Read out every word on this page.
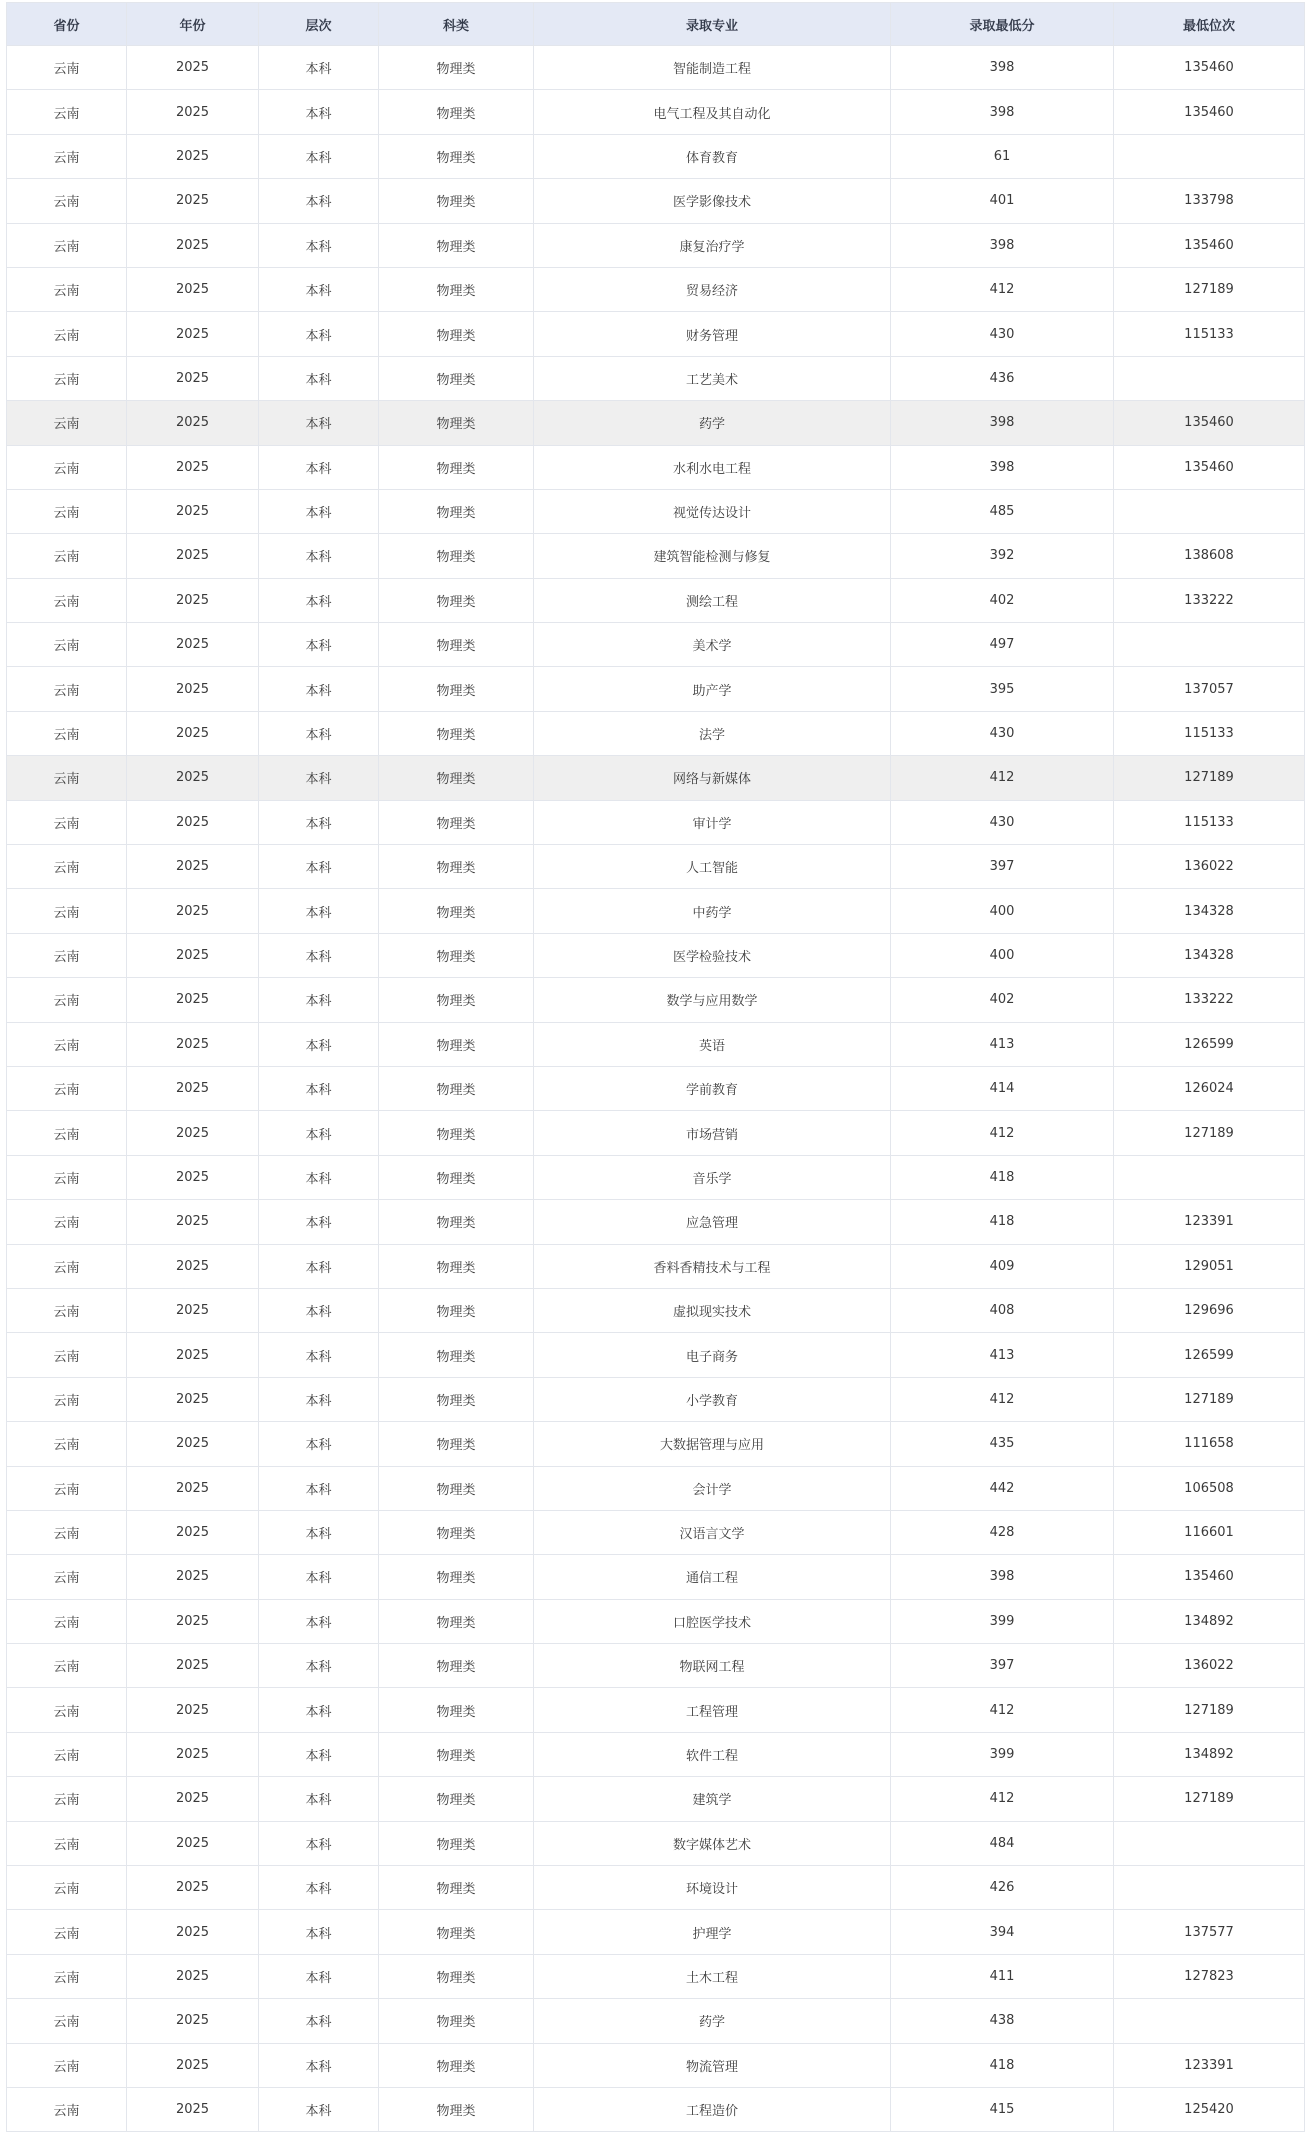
省份	年份	层次	科类	录取专业	录取最低分	最低位次
云南	2025	本科	物理类	智能制造工程	398	135460
云南	2025	本科	物理类	电气工程及其自动化	398	135460
云南	2025	本科	物理类	体育教育	61	
云南	2025	本科	物理类	医学影像技术	401	133798
云南	2025	本科	物理类	康复治疗学	398	135460
云南	2025	本科	物理类	贸易经济	412	127189
云南	2025	本科	物理类	财务管理	430	115133
云南	2025	本科	物理类	工艺美术	436	
云南	2025	本科	物理类	药学	398	135460
云南	2025	本科	物理类	水利水电工程	398	135460
云南	2025	本科	物理类	视觉传达设计	485	
云南	2025	本科	物理类	建筑智能检测与修复	392	138608
云南	2025	本科	物理类	测绘工程	402	133222
云南	2025	本科	物理类	美术学	497	
云南	2025	本科	物理类	助产学	395	137057
云南	2025	本科	物理类	法学	430	115133
云南	2025	本科	物理类	网络与新媒体	412	127189
云南	2025	本科	物理类	审计学	430	115133
云南	2025	本科	物理类	人工智能	397	136022
云南	2025	本科	物理类	中药学	400	134328
云南	2025	本科	物理类	医学检验技术	400	134328
云南	2025	本科	物理类	数学与应用数学	402	133222
云南	2025	本科	物理类	英语	413	126599
云南	2025	本科	物理类	学前教育	414	126024
云南	2025	本科	物理类	市场营销	412	127189
云南	2025	本科	物理类	音乐学	418	
云南	2025	本科	物理类	应急管理	418	123391
云南	2025	本科	物理类	香料香精技术与工程	409	129051
云南	2025	本科	物理类	虚拟现实技术	408	129696
云南	2025	本科	物理类	电子商务	413	126599
云南	2025	本科	物理类	小学教育	412	127189
云南	2025	本科	物理类	大数据管理与应用	435	111658
云南	2025	本科	物理类	会计学	442	106508
云南	2025	本科	物理类	汉语言文学	428	116601
云南	2025	本科	物理类	通信工程	398	135460
云南	2025	本科	物理类	口腔医学技术	399	134892
云南	2025	本科	物理类	物联网工程	397	136022
云南	2025	本科	物理类	工程管理	412	127189
云南	2025	本科	物理类	软件工程	399	134892
云南	2025	本科	物理类	建筑学	412	127189
云南	2025	本科	物理类	数字媒体艺术	484	
云南	2025	本科	物理类	环境设计	426	
云南	2025	本科	物理类	护理学	394	137577
云南	2025	本科	物理类	土木工程	411	127823
云南	2025	本科	物理类	药学	438	
云南	2025	本科	物理类	物流管理	418	123391
云南	2025	本科	物理类	工程造价	415	125420
